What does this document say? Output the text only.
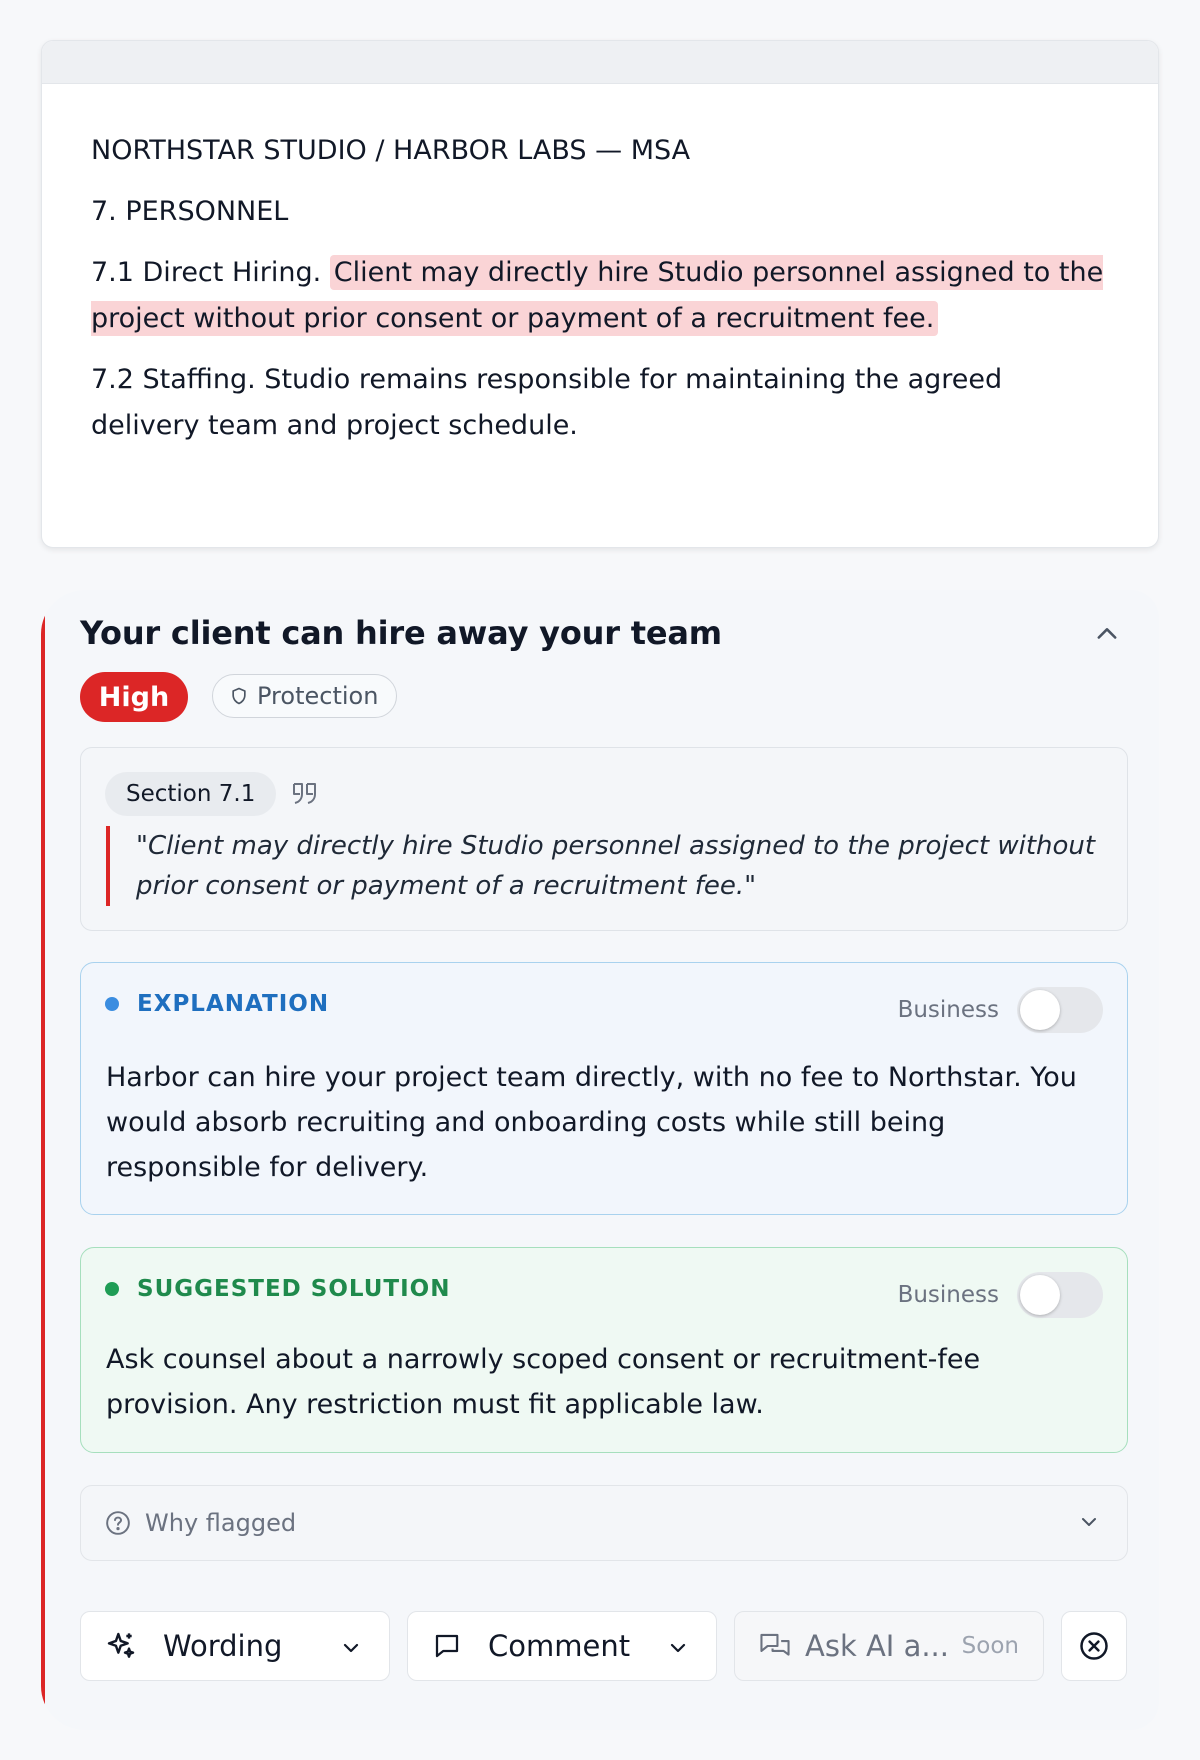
NORTHSTAR STUDIO / HARBOR LABS — MSA

7. PERSONNEL

7.1 Direct Hiring. Client may directly hire Studio personnel assigned to the project without prior consent or payment of a recruitment fee.

7.2 Staffing. Studio remains responsible for maintaining the agreed delivery team and project schedule.

Your client can hire away your team
High	Protection
Section 7.1
"Client may directly hire Studio personnel assigned to the project without prior consent or payment of a recruitment fee."
EXPLANATION	Business
Harbor can hire your project team directly, with no fee to Northstar. You would absorb recruiting and onboarding costs while still being responsible for delivery.
SUGGESTED SOLUTION	Business
Ask counsel about a narrowly scoped consent or recruitment-fee provision. Any restriction must fit applicable law.
Why flagged
Wording	Comment	Ask AI a... Soon
